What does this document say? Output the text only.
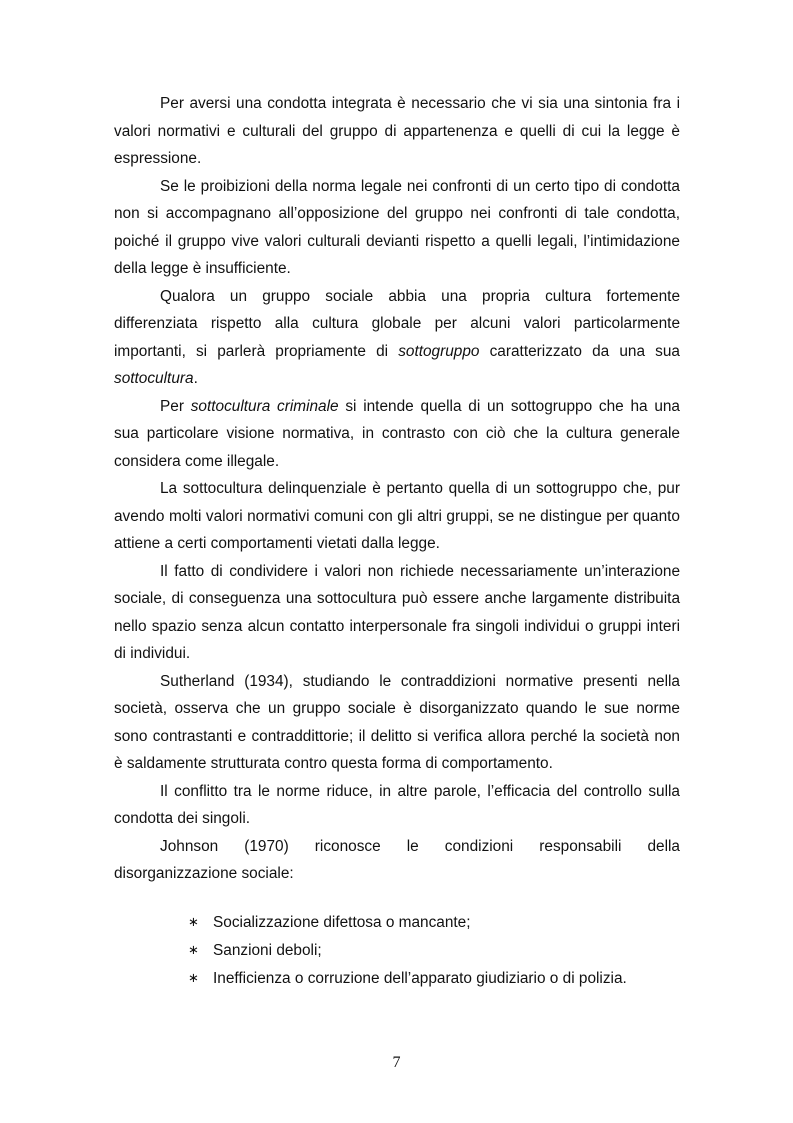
Per aversi una condotta integrata è necessario che vi sia una sintonia fra i valori normativi e culturali del gruppo di appartenenza e quelli di cui la legge è espressione.

Se le proibizioni della norma legale nei confronti di un certo tipo di condotta non si accompagnano all’opposizione del gruppo nei confronti di tale condotta, poiché il gruppo vive valori culturali devianti rispetto a quelli legali, l’intimidazione della legge è insufficiente.

Qualora un gruppo sociale abbia una propria cultura fortemente differenziata rispetto alla cultura globale per alcuni valori particolarmente importanti, si parlerà propriamente di sottogruppo caratterizzato da una sua sottocultura.

Per sottocultura criminale si intende quella di un sottogruppo che ha una sua particolare visione normativa, in contrasto con ciò che la cultura generale considera come illegale.

La sottocultura delinquenziale è pertanto quella di un sottogruppo che, pur avendo molti valori normativi comuni con gli altri gruppi, se ne distingue per quanto attiene a certi comportamenti vietati dalla legge.

Il fatto di condividere i valori non richiede necessariamente un’interazione sociale, di conseguenza una sottocultura può essere anche largamente distribuita nello spazio senza alcun contatto interpersonale fra singoli individui o gruppi interi di individui.

Sutherland (1934), studiando le contraddizioni normative presenti nella società, osserva che un gruppo sociale è disorganizzato quando le sue norme sono contrastanti e contraddittorie; il delitto si verifica allora perché la società non è saldamente strutturata contro questa forma di comportamento.

Il conflitto tra le norme riduce, in altre parole, l’efficacia del controllo sulla condotta dei singoli.

Johnson (1970) riconosce le condizioni responsabili della

disorganizzazione sociale:

∗ Socializzazione difettosa o mancante;
∗ Sanzioni deboli;
∗ Inefficienza o corruzione dell’apparato giudiziario o di polizia.
7
